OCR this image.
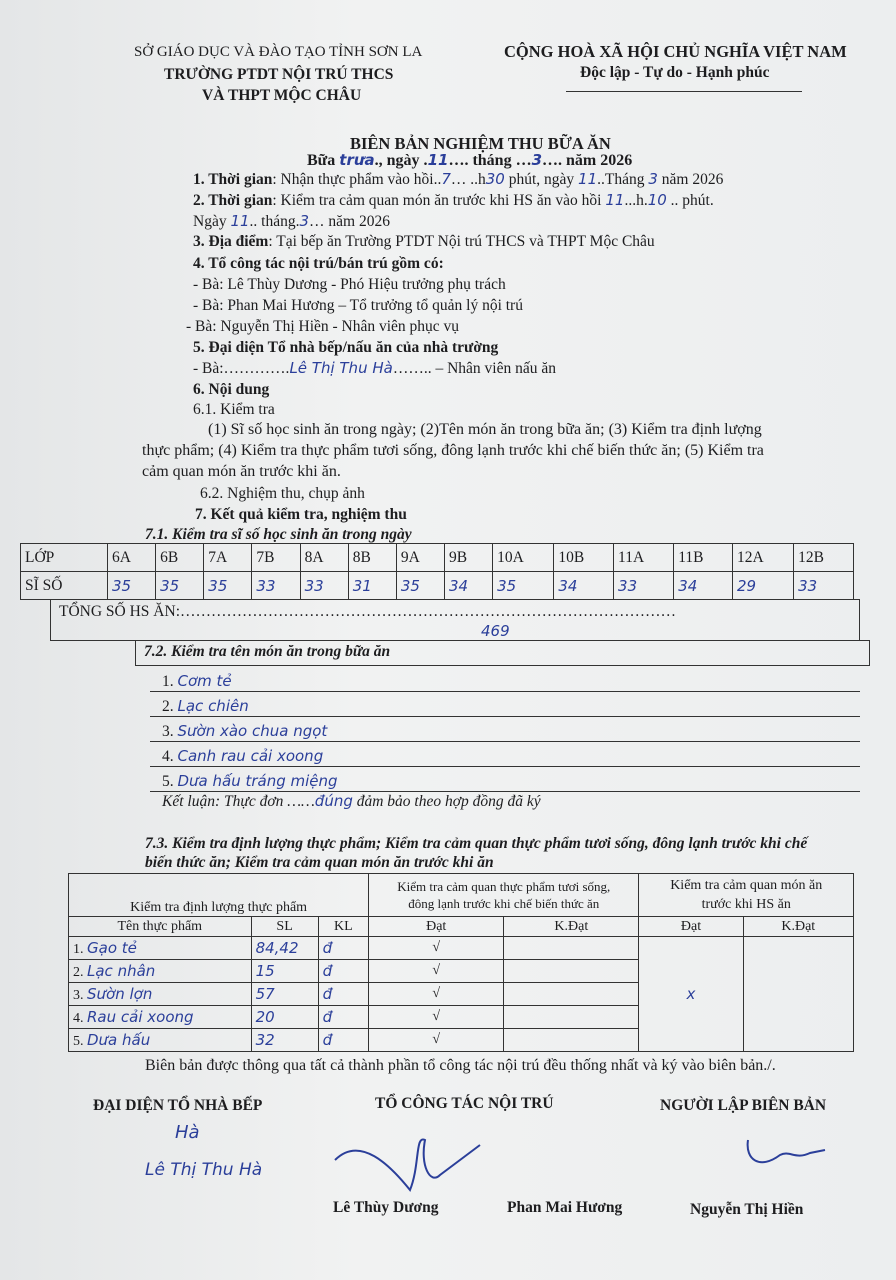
SỞ GIÁO DỤC VÀ ĐÀO TẠO TỈNH SƠN LA
TRƯỜNG PTDT NỘI TRÚ THCS
VÀ THPT MỘC CHÂU
CỘNG HOÀ XÃ HỘI CHỦ NGHĨA VIỆT NAM
Độc lập - Tự do - Hạnh phúc
BIÊN BẢN NGHIỆM THU BỮA ĂN
Bữa trưa., ngày .11…. tháng …3…. năm 2026
1. Thời gian: Nhận thực phẩm vào hồi..7… ..h30 phút, ngày 11..Tháng 3 năm 2026
2. Thời gian: Kiểm tra cảm quan món ăn trước khi HS ăn vào hồi 11...h.10 .. phút.
Ngày 11.. tháng.3… năm 2026
3. Địa điểm: Tại bếp ăn Trường PTDT Nội trú THCS và THPT Mộc Châu
4. Tổ công tác nội trú/bán trú gồm có:
- Bà: Lê Thùy Dương - Phó Hiệu trưởng phụ trách
- Bà: Phan Mai Hương – Tổ trưởng tổ quản lý nội trú
- Bà: Nguyễn Thị Hiền - Nhân viên phục vụ
5. Đại diện Tổ nhà bếp/nấu ăn của nhà trường
- Bà:………….Lê Thị Thu Hà…….. – Nhân viên nấu ăn
6. Nội dung
6.1. Kiểm tra
(1) Sĩ số học sinh ăn trong ngày; (2)Tên món ăn trong bữa ăn; (3) Kiểm tra định lượng
thực phẩm; (4) Kiểm tra thực phẩm tươi sống, đông lạnh trước khi chế biến thức ăn; (5) Kiểm tra
cảm quan món ăn trước khi ăn.
6.2. Nghiệm thu, chụp ảnh
7. Kết quả kiểm tra, nghiệm thu
7.1. Kiểm tra sĩ số học sinh ăn trong ngày
LỚP	6A	6B	7A	7B	8A	8B	9A	9B	10A	10B	11A	11B	12A	12B
SĨ SỐ	35	35	35	33	33	31	35	34	35	34	33	34	29	33
TỔNG SỐ HS ĂN:……………………………………………………………………………………
469
7.2. Kiểm tra tên món ăn trong bữa ăn
1. Cơm tẻ
2. Lạc chiên
3. Sườn xào chua ngọt
4. Canh rau cải xoong
5. Dưa hấu tráng miệng
Kết luận: Thực đơn ……đúng đảm bảo theo hợp đồng đã ký
7.3. Kiểm tra định lượng thực phẩm; Kiểm tra cảm quan thực phẩm tươi sống, đông lạnh trước khi chế
biến thức ăn; Kiểm tra cảm quan món ăn trước khi ăn
Kiểm tra định lượng thực phẩm			Kiểm tra cảm quan thực phẩm tươi sống,
đông lạnh trước khi chế biến thức ăn		Kiểm tra cảm quan món ăn
trước khi HS ăn	
Tên thực phẩm	SL	KL	Đạt	K.Đạt	Đạt	K.Đạt
1. Gạo tẻ	84,42	đ	√		x	
2. Lạc nhân	15	đ	√			
3. Sườn lợn	57	đ	√			
4. Rau cải xoong	20	đ	√			
5. Dưa hấu	32	đ	√			
Biên bản được thông qua tất cả thành phần tổ công tác nội trú đều thống nhất và ký vào biên bản./.
ĐẠI DIỆN TỔ NHÀ BẾP	TỔ CÔNG TÁC NỘI TRÚ	NGƯỜI LẬP BIÊN BẢN
Hà
Lê Thị Thu Hà
Lê Thùy Dương	Phan Mai Hương	Nguyễn Thị Hiền
